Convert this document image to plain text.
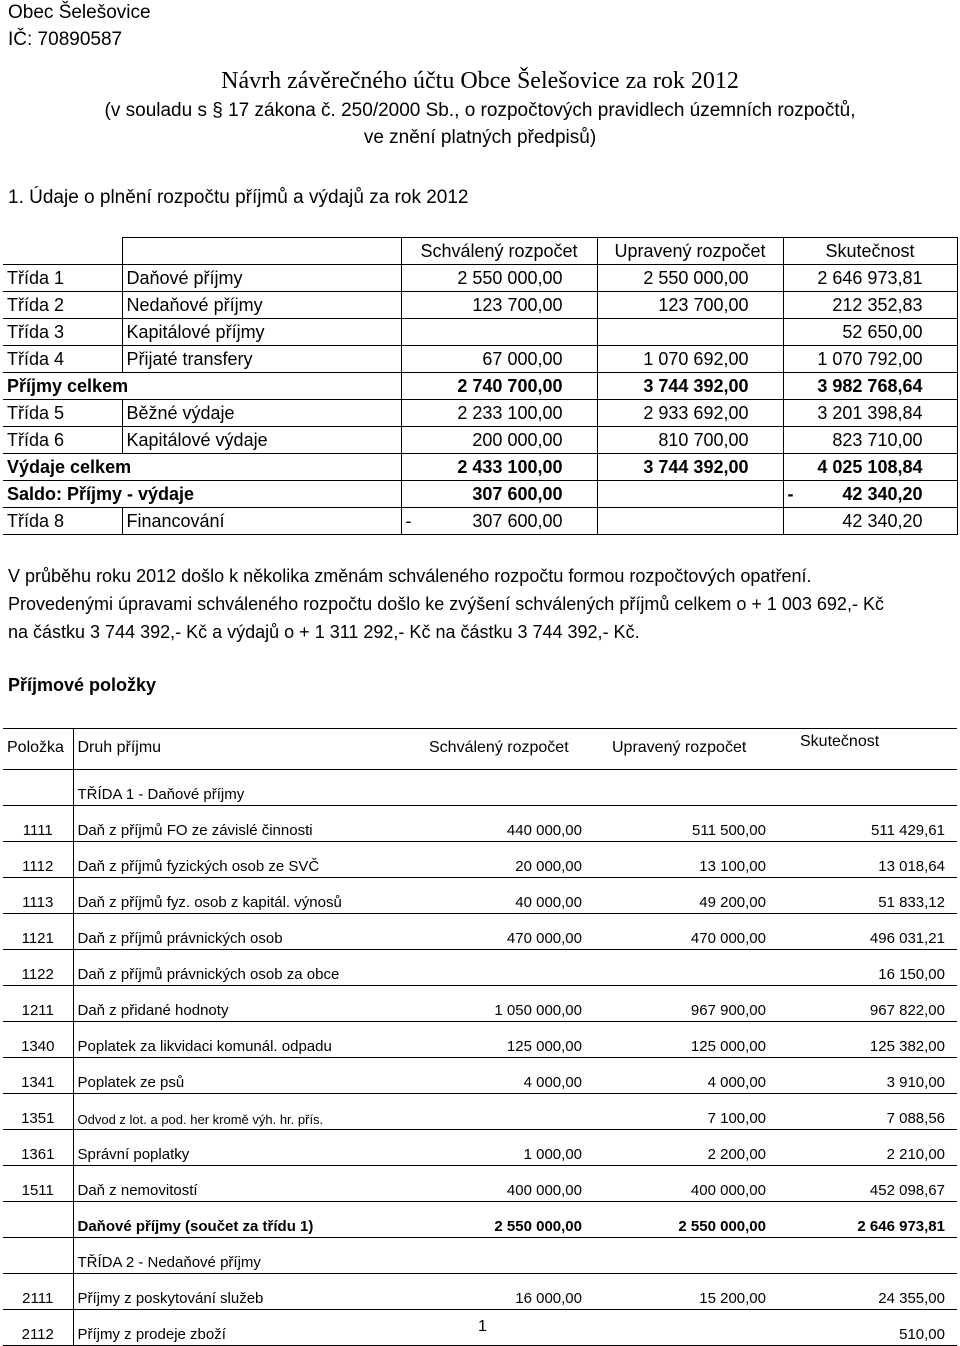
Obec Šelešovice
IČ: 70890587
Návrh závěrečného účtu Obce Šelešovice za rok 2012
(v souladu s § 17 zákona č. 250/2000 Sb., o rozpočtových pravidlech územních rozpočtů,
ve znění platných předpisů)
1. Údaje o plnění rozpočtu příjmů a výdajů za rok 2012
		Schválený rozpočet	Upravený rozpočet	Skutečnost
Třída 1	Daňové příjmy	2 550 000,00	2 550 000,00	2 646 973,81
Třída 2	Nedaňové příjmy	123 700,00	123 700,00	212 352,83
Třída 3	Kapitálové příjmy			52 650,00
Třída 4	Přijaté transfery	67 000,00	1 070 692,00	1 070 792,00
Příjmy celkem		2 740 700,00	3 744 392,00	3 982 768,64
Třída 5	Běžné výdaje	2 233 100,00	2 933 692,00	3 201 398,84
Třída 6	Kapitálové výdaje	200 000,00	810 700,00	823 710,00
Výdaje celkem		2 433 100,00	3 744 392,00	4 025 108,84
Saldo: Příjmy - výdaje		307 600,00		- 42 340,20
Třída 8	Financování	- 307 600,00		42 340,20
V průběhu roku 2012 došlo k několika změnám schváleného rozpočtu formou rozpočtových opatření.
Provedenými úpravami schváleného rozpočtu došlo ke zvýšení schválených příjmů celkem o + 1 003 692,- Kč
na částku 3 744 392,- Kč a výdajů o + 1 311 292,- Kč na částku 3 744 392,- Kč.
Příjmové položky
Položka	Druh příjmu	Schválený rozpočet	Upravený rozpočet	Skutečnost
	TŘÍDA 1 - Daňové příjmy			
1111	Daň z příjmů FO ze závislé činnosti	440 000,00	511 500,00	511 429,61
1112	Daň z příjmů fyzických osob ze SVČ	20 000,00	13 100,00	13 018,64
1113	Daň z příjmů fyz. osob z kapitál. výnosů	40 000,00	49 200,00	51 833,12
1121	Daň z příjmů právnických osob	470 000,00	470 000,00	496 031,21
1122	Daň z příjmů právnických osob za obce			16 150,00
1211	Daň z přidané hodnoty	1 050 000,00	967 900,00	967 822,00
1340	Poplatek za likvidaci komunál. odpadu	125 000,00	125 000,00	125 382,00
1341	Poplatek ze psů	4 000,00	4 000,00	3 910,00
1351	Odvod z lot. a pod. her kromě výh. hr. přís.		7 100,00	7 088,56
1361	Správní poplatky	1 000,00	2 200,00	2 210,00
1511	Daň z nemovitostí	400 000,00	400 000,00	452 098,67
	Daňové příjmy (součet za třídu 1)	2 550 000,00	2 550 000,00	2 646 973,81
	TŘÍDA 2 - Nedaňové příjmy			
2111	Příjmy z poskytování služeb	16 000,00	15 200,00	24 355,00
2112	Příjmy z prodeje zboží			510,00
1
